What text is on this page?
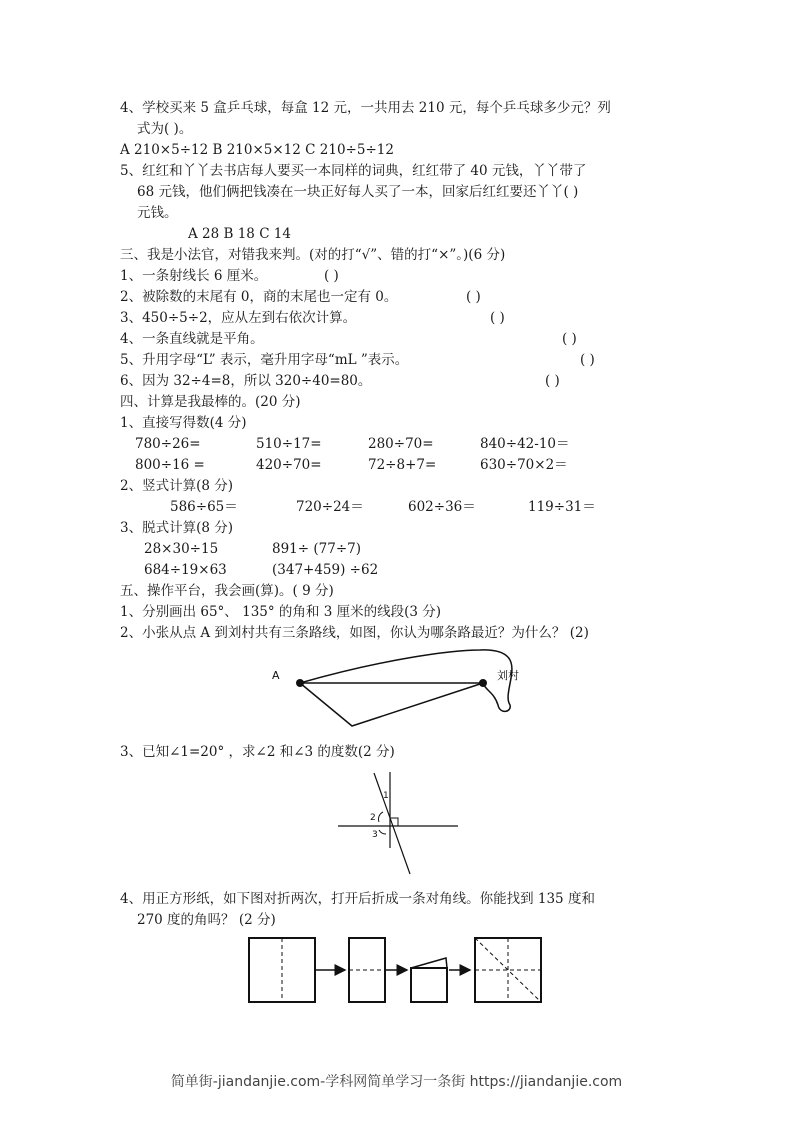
4、学校买来 5 盒乒乓球，每盒 12 元，一共用去 210 元，每个乒乓球多少元？列
式为( )。
A 210×5÷12 B 210×5×12 C 210÷5÷12
5、红红和丫丫去书店每人要买一本同样的词典，红红带了 40 元钱，丫丫带了
68 元钱，他们俩把钱凑在一块正好每人买了一本，回家后红红要还丫丫( )
元钱。
A 28 B 18 C 14
三、我是小法官，对错我来判。(对的打“√”、错的打“×”。)(6 分)
1、一条射线长 6 厘米。	( )
2、被除数的末尾有 0，商的末尾也一定有 0。	( )
3、450÷5÷2，应从左到右依次计算。	( )
4、一条直线就是平角。	( )
5、升用字母“L” 表示，毫升用字母“mL ”表示。	( )
6、因为 32÷4=8，所以 320÷40=80。	( )
四、计算是我最棒的。(20 分)
1、直接写得数(4 分)
780÷26=	510÷17=	280÷70=	840÷42-10＝
800÷16 =	420÷70=	72÷8+7=	630÷70×2＝
2、竖式计算(8 分)
586÷65＝	720÷24＝	602÷36＝	119÷31＝
3、脱式计算(8 分)
28×30÷15	891÷ (77÷7)
684÷19×63	(347+459) ÷62
五、操作平台，我会画(算)。( 9 分)
1、分别画出 65°、 135° 的角和 3 厘米的线段(3 分)
2、小张从点 A 到刘村共有三条路线，如图，你认为哪条路最近？为什么？ (2)
A	刘村
3、已知∠1=20° ，求∠2 和∠3 的度数(2 分)
1
2
3
4、用正方形纸，如下图对折两次，打开后折成一条对角线。你能找到 135 度和
270 度的角吗？ (2 分)
简单街-jiandanjie.com-学科网简单学习一条街 https://jiandanjie.com
